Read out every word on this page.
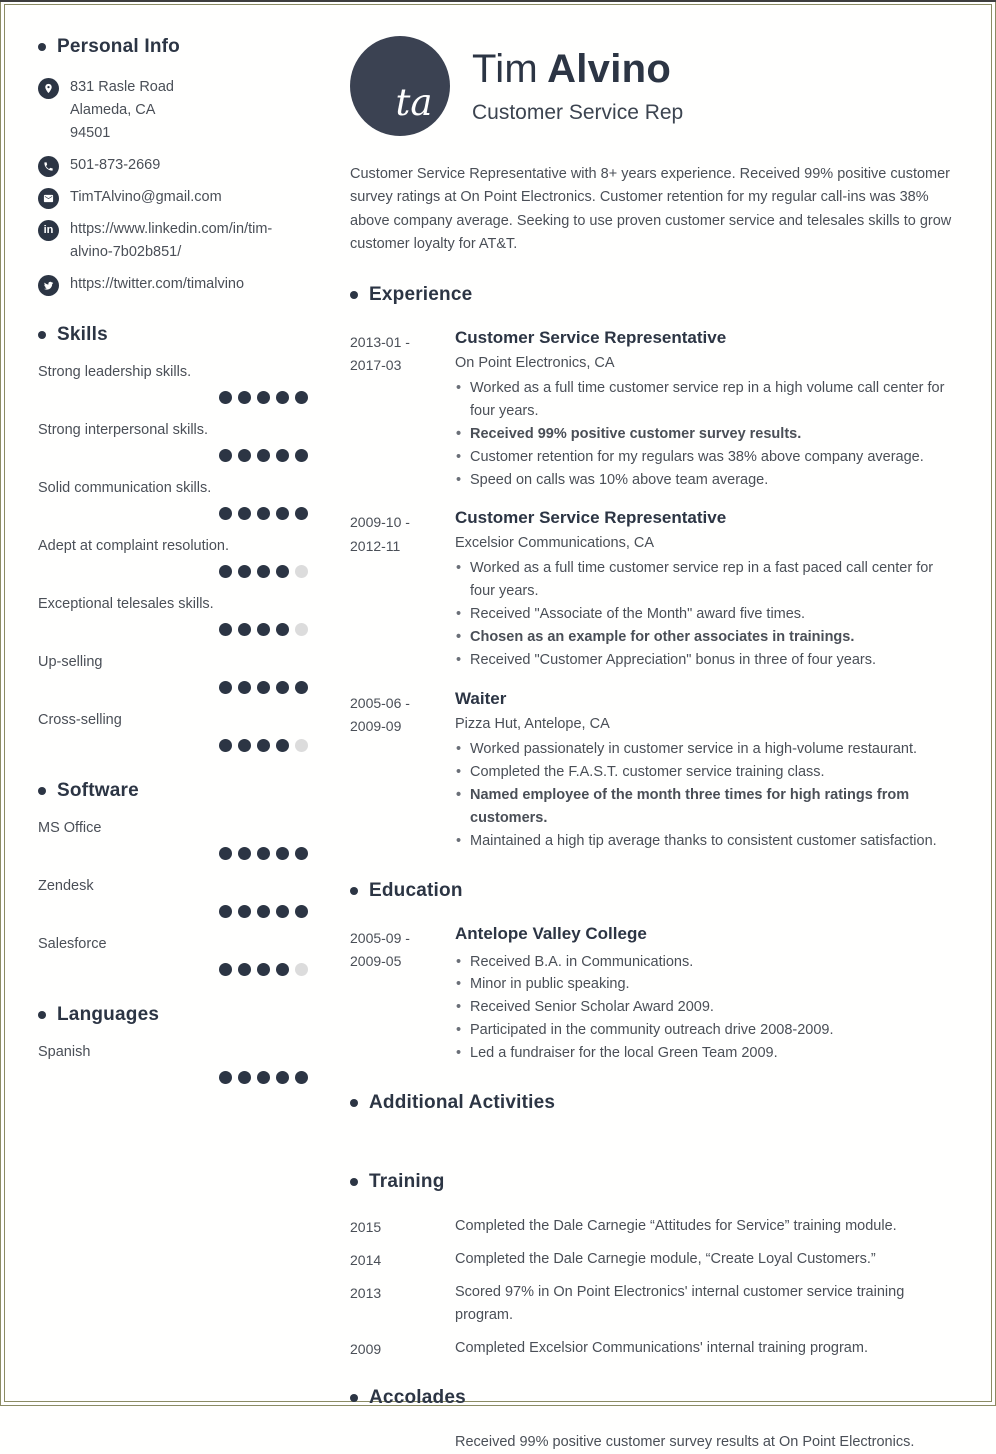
Personal Info
831 Rasle Road
Alameda, CA
94501
501-873-2669
TimTAlvino@gmail.com
in https://www.linkedin.com/in/tim-alvino-7b02b851/
https://twitter.com/timalvino
Skills
Strong leadership skills.
Strong interpersonal skills.
Solid communication skills.
Adept at complaint resolution.
Exceptional telesales skills.
Up-selling
Cross-selling
Software
MS Office
Zendesk
Salesforce
Languages
Spanish
ta
Tim Alvino
Customer Service Rep

Customer Service Representative with 8+ years experience. Received 99% positive customer survey ratings at On Point Electronics. Customer retention for my regular call-ins was 38% above company average. Seeking to use proven customer service and telesales skills to grow customer loyalty for AT&T.

Experience
2013-01 -
2017-03
Customer Service Representative
On Point Electronics, CA
• Worked as a full time customer service rep in a high volume call center for four years.
• Received 99% positive customer survey results.
• Customer retention for my regulars was 38% above company average.
• Speed on calls was 10% above team average.
2009-10 -
2012-11
Customer Service Representative
Excelsior Communications, CA
• Worked as a full time customer service rep in a fast paced call center for four years.
• Received "Associate of the Month" award five times.
• Chosen as an example for other associates in trainings.
• Received "Customer Appreciation" bonus in three of four years.
2005-06 -
2009-09
Waiter
Pizza Hut, Antelope, CA
• Worked passionately in customer service in a high-volume restaurant.
• Completed the F.A.S.T. customer service training class.
• Named employee of the month three times for high ratings from customers.
• Maintained a high tip average thanks to consistent customer satisfaction.
Education
2005-09 -
2009-05
Antelope Valley College
• Received B.A. in Communications.
• Minor in public speaking.
• Received Senior Scholar Award 2009.
• Participated in the community outreach drive 2008-2009.
• Led a fundraiser for the local Green Team 2009.
Additional Activities
Training
2015	Completed the Dale Carnegie “Attitudes for Service” training module.
2014	Completed the Dale Carnegie module, “Create Loyal Customers.”
2013	Scored 97% in On Point Electronics' internal customer service training program.
2009	Completed Excelsior Communications' internal training program.
Accolades
Received 99% positive customer survey results at On Point Electronics.
